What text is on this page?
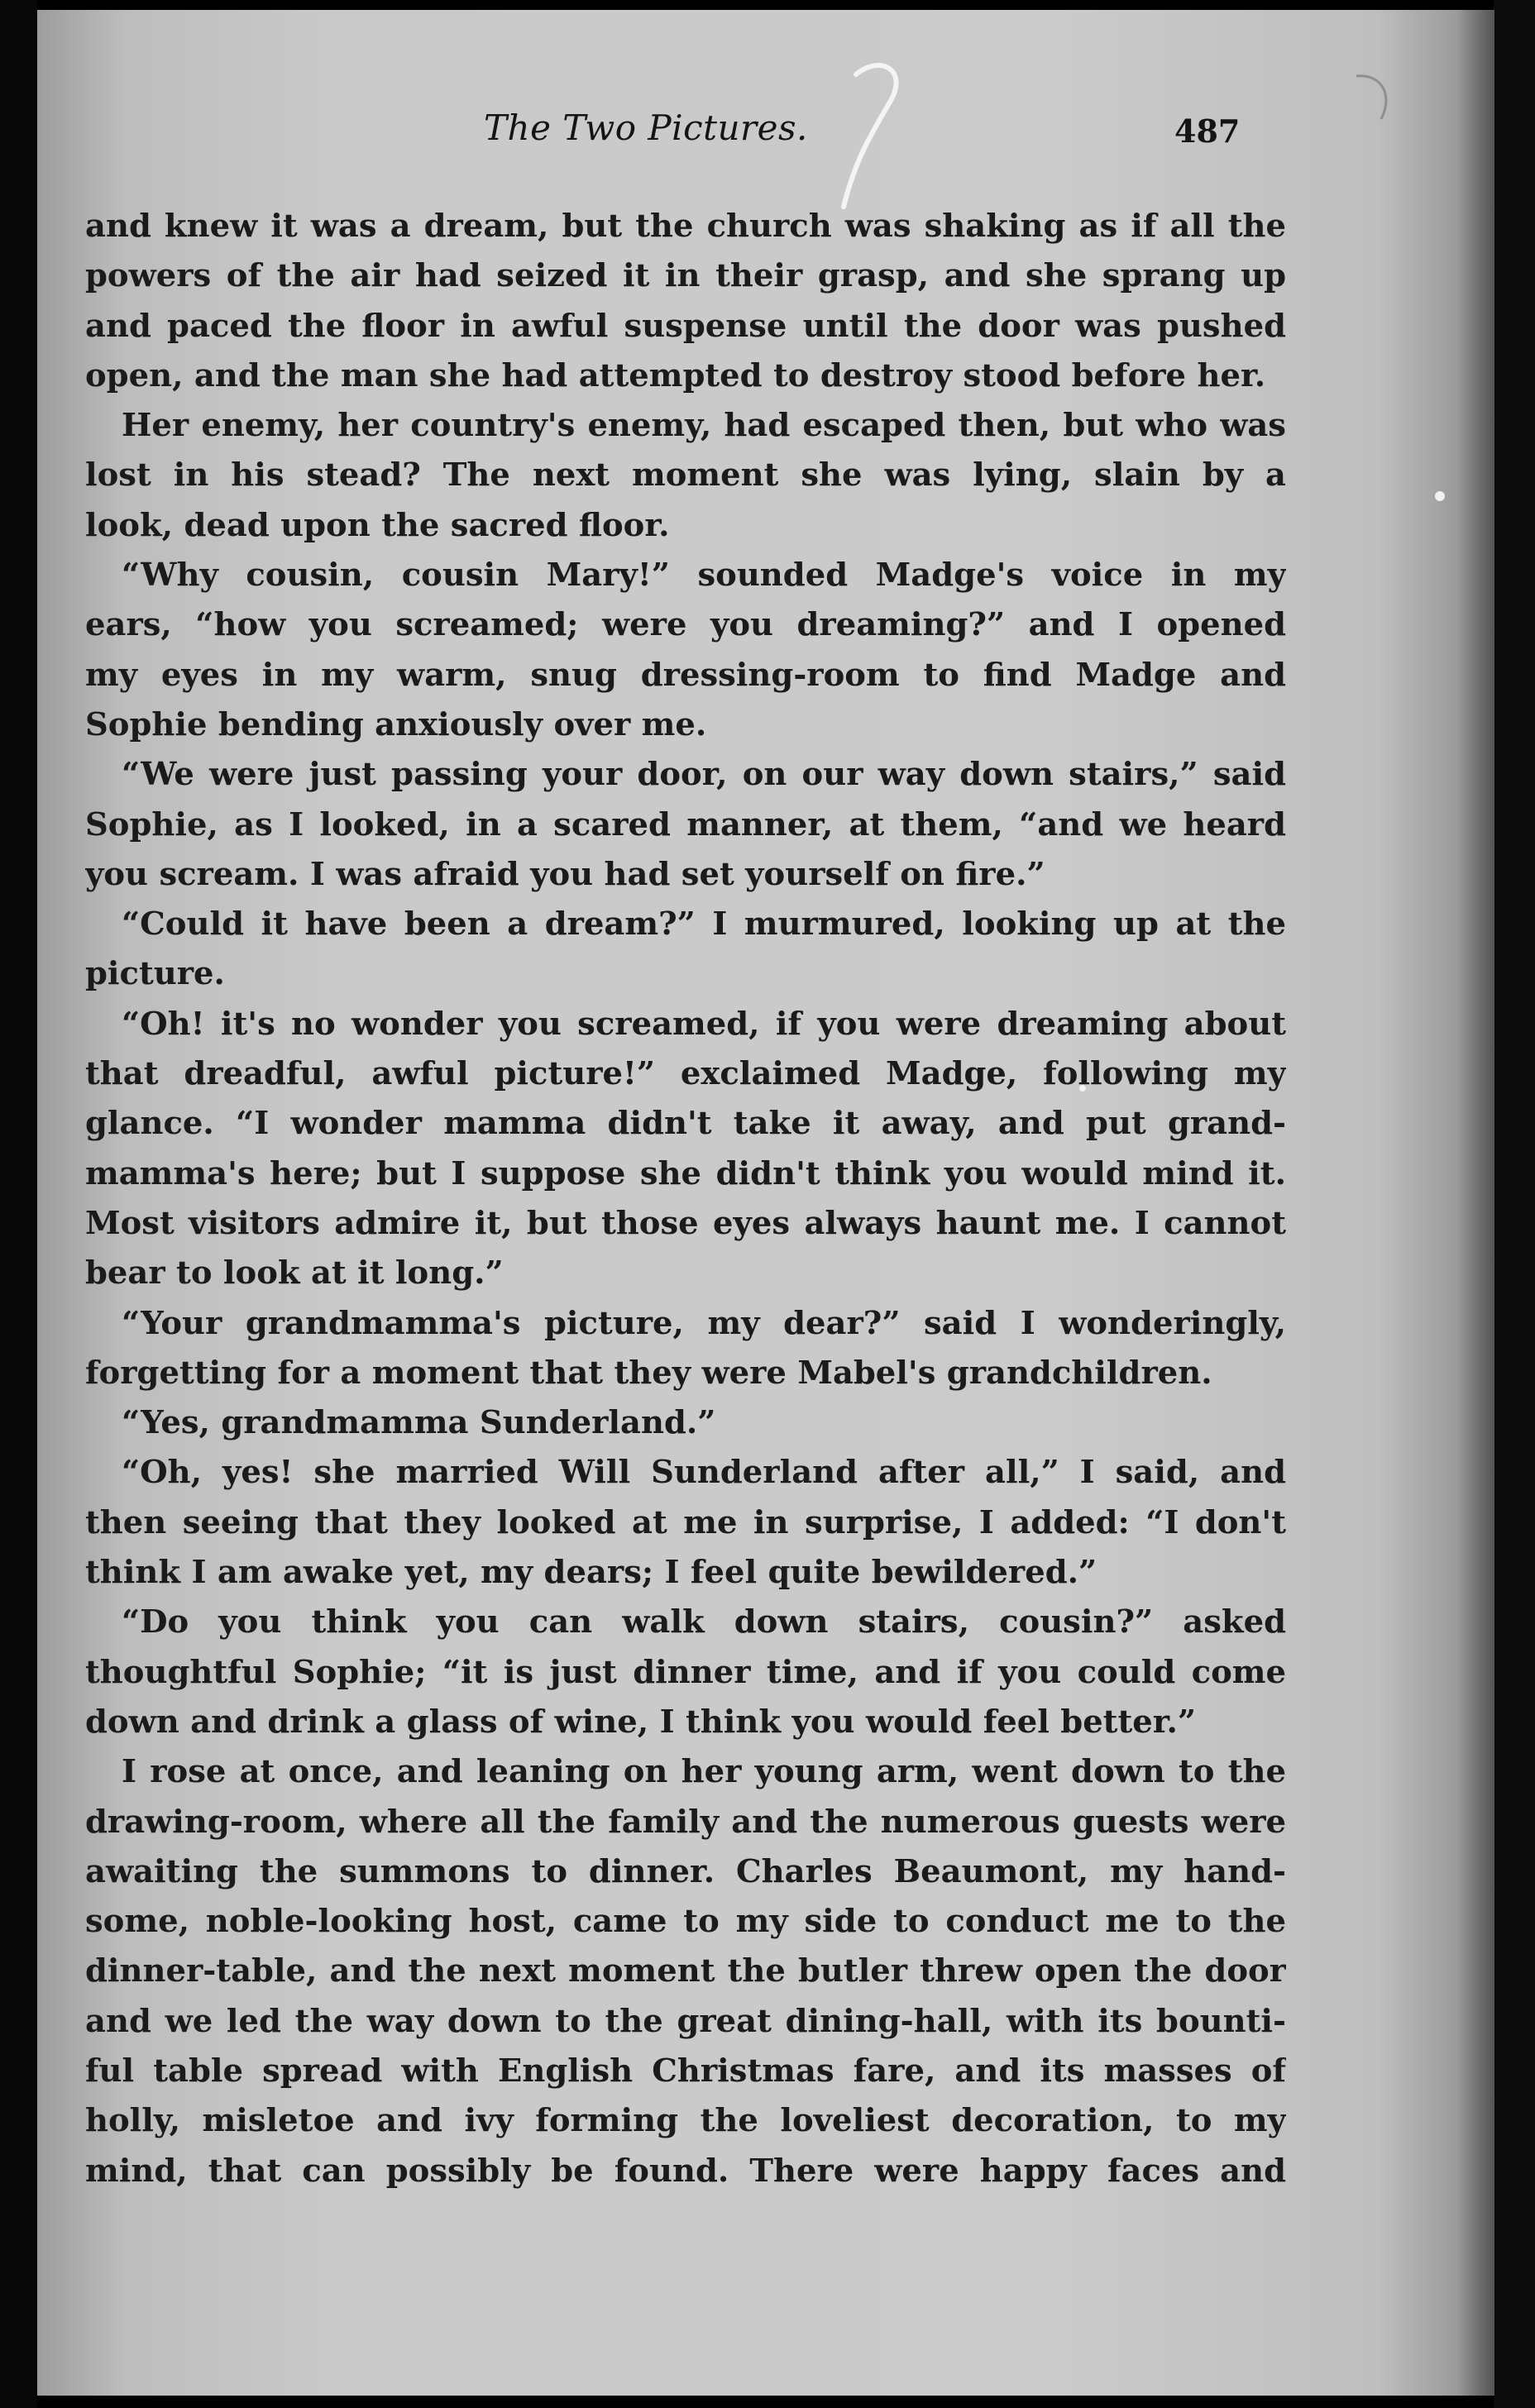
The Two Pictures.	487
and knew it was a dream, but the church was shaking as if all the
powers of the air had seized it in their grasp, and she sprang up
and paced the floor in awful suspense until the door was pushed
open, and the man she had attempted to destroy stood before her.
Her enemy, her country's enemy, had escaped then, but who was
lost in his stead? The next moment she was lying, slain by a
look, dead upon the sacred floor.
“Why cousin, cousin Mary!” sounded Madge's voice in my
ears, “how you screamed; were you dreaming?” and I opened
my eyes in my warm, snug dressing-room to find Madge and
Sophie bending anxiously over me.
“We were just passing your door, on our way down stairs,” said
Sophie, as I looked, in a scared manner, at them, “and we heard
you scream. I was afraid you had set yourself on fire.”
“Could it have been a dream?” I murmured, looking up at the
picture.
“Oh! it's no wonder you screamed, if you were dreaming about
that dreadful, awful picture!” exclaimed Madge, following my
glance. “I wonder mamma didn't take it away, and put grand-
mamma's here; but I suppose she didn't think you would mind it.
Most visitors admire it, but those eyes always haunt me. I cannot
bear to look at it long.”
“Your grandmamma's picture, my dear?” said I wonderingly,
forgetting for a moment that they were Mabel's grandchildren.
“Yes, grandmamma Sunderland.”
“Oh, yes! she married Will Sunderland after all,” I said, and
then seeing that they looked at me in surprise, I added: “I don't
think I am awake yet, my dears; I feel quite bewildered.”
“Do you think you can walk down stairs, cousin?” asked
thoughtful Sophie; “it is just dinner time, and if you could come
down and drink a glass of wine, I think you would feel better.”
I rose at once, and leaning on her young arm, went down to the
drawing-room, where all the family and the numerous guests were
awaiting the summons to dinner. Charles Beaumont, my hand-
some, noble-looking host, came to my side to conduct me to the
dinner-table, and the next moment the butler threw open the door
and we led the way down to the great dining-hall, with its bounti-
ful table spread with English Christmas fare, and its masses of
holly, misletoe and ivy forming the loveliest decoration, to my
mind, that can possibly be found. There were happy faces and
